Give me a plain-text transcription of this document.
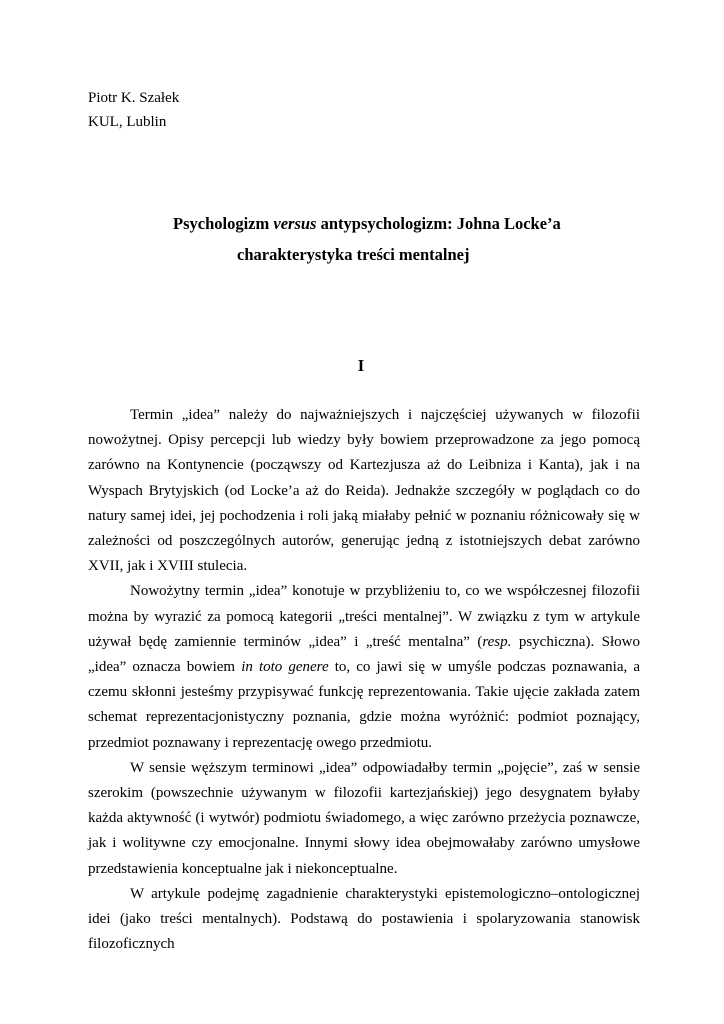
Piotr K. Szałek
KUL, Lublin
Psychologizm versus antypsychologizm: Johna Locke’a
charakterystyka treści mentalnej
I

Termin „idea” należy do najważniejszych i najczęściej używanych w filozofii nowożytnej. Opisy percepcji lub wiedzy były bowiem przeprowadzone za jego pomocą zarówno na Kontynencie (począwszy od Kartezjusza aż do Leibniza i Kanta), jak i na Wyspach Brytyjskich (od Locke’a aż do Reida). Jednakże szczegóły w poglądach co do natury samej idei, jej pochodzenia i roli jaką miałaby pełnić w poznaniu różnicowały się w zależności od poszczególnych autorów, generując jedną z istotniejszych debat zarówno XVII, jak i XVIII stulecia.

Nowożytny termin „idea” konotuje w przybliżeniu to, co we współczesnej filozofii można by wyrazić za pomocą kategorii „treści mentalnej”. W związku z tym w artykule używał będę zamiennie terminów „idea” i „treść mentalna” (resp. psychiczna). Słowo „idea” oznacza bowiem in toto genere to, co jawi się w umyśle podczas poznawania, a czemu skłonni jesteśmy przypisywać funkcję reprezentowania. Takie ujęcie zakłada zatem schemat reprezentacjonistyczny poznania, gdzie można wyróżnić: podmiot poznający, przedmiot poznawany i reprezentację owego przedmiotu.

W sensie węższym terminowi „idea” odpowiadałby termin „pojęcie”, zaś w sensie szerokim (powszechnie używanym w filozofii kartezjańskiej) jego desygnatem byłaby każda aktywność (i wytwór) podmiotu świadomego, a więc zarówno przeżycia poznawcze, jak i wolitywne czy emocjonalne. Innymi słowy idea obejmowałaby zarówno umysłowe przedstawienia konceptualne jak i niekonceptualne.

W artykule podejmę zagadnienie charakterystyki epistemologiczno–ontologicznej idei (jako treści mentalnych). Podstawą do postawienia i spolaryzowania stanowisk filozoficznych
